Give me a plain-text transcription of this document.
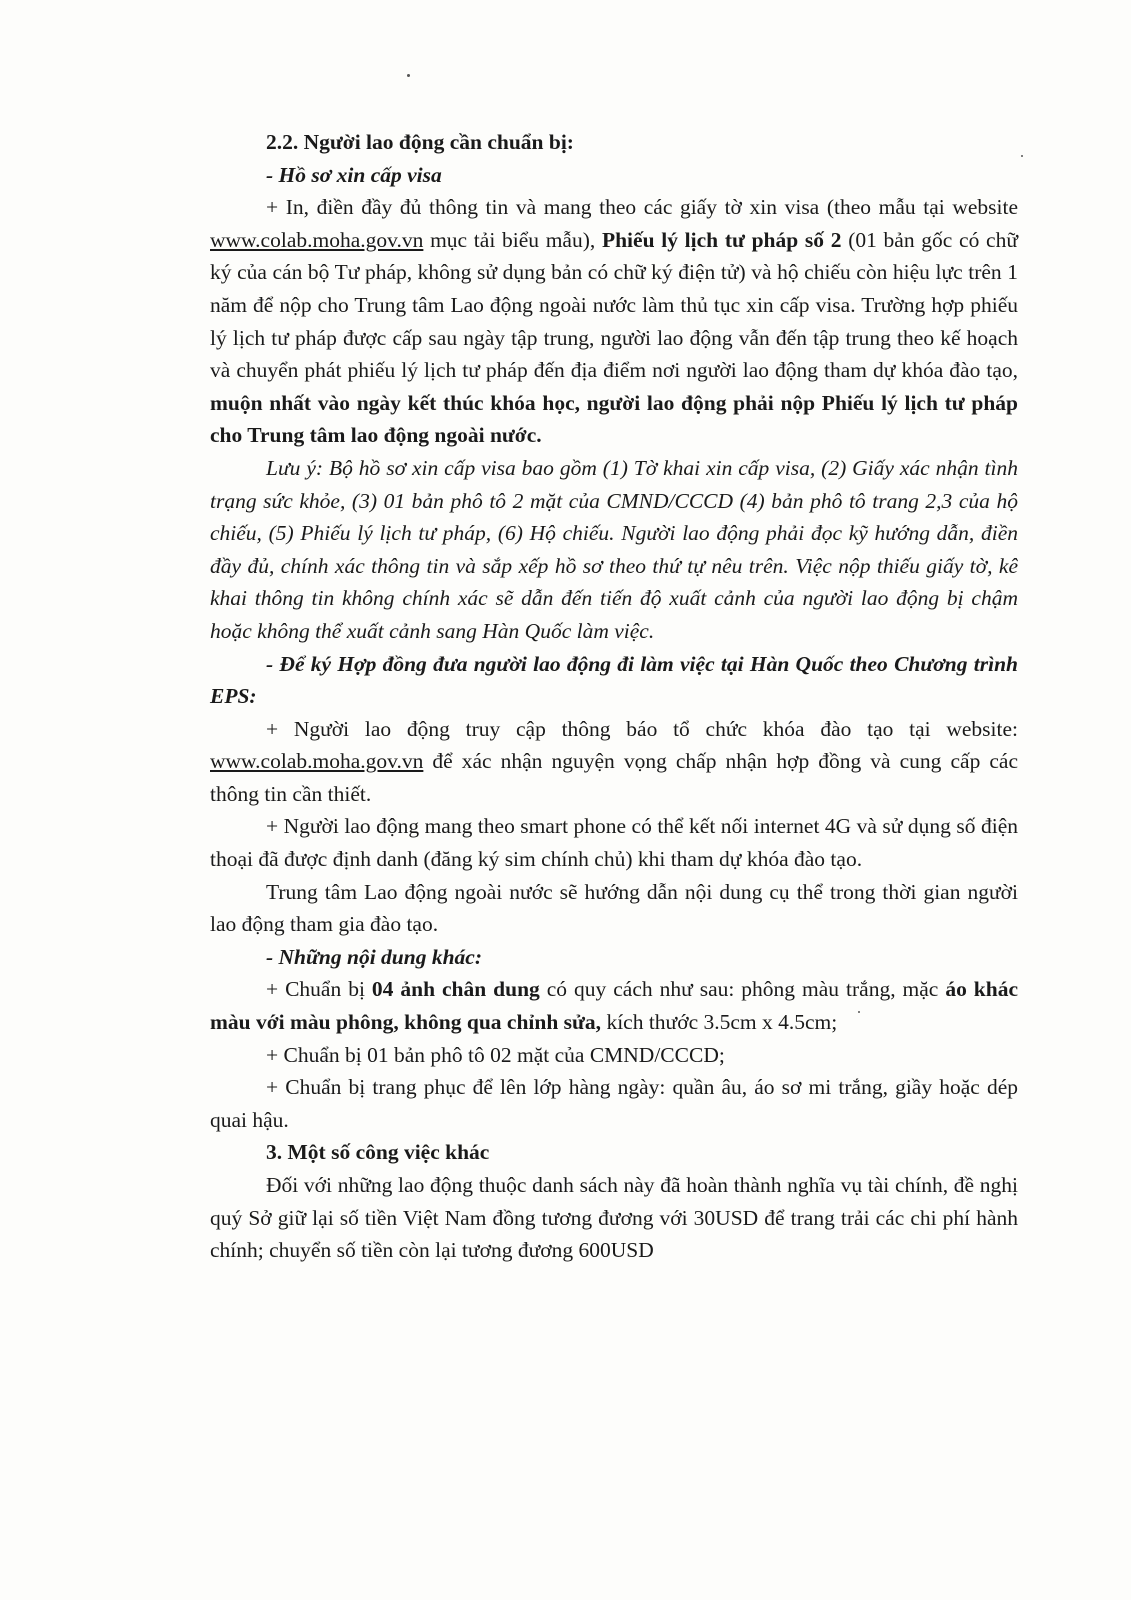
2.2. Người lao động cần chuẩn bị:

- Hồ sơ xin cấp visa

+ In, điền đầy đủ thông tin và mang theo các giấy tờ xin visa (theo mẫu tại website www.colab.moha.gov.vn mục tải biểu mẫu), Phiếu lý lịch tư pháp số 2 (01 bản gốc có chữ ký của cán bộ Tư pháp, không sử dụng bản có chữ ký điện tử) và hộ chiếu còn hiệu lực trên 1 năm để nộp cho Trung tâm Lao động ngoài nước làm thủ tục xin cấp visa. Trường hợp phiếu lý lịch tư pháp được cấp sau ngày tập trung, người lao động vẫn đến tập trung theo kế hoạch và chuyển phát phiếu lý lịch tư pháp đến địa điểm nơi người lao động tham dự khóa đào tạo, muộn nhất vào ngày kết thúc khóa học, người lao động phải nộp Phiếu lý lịch tư pháp cho Trung tâm lao động ngoài nước.

Lưu ý: Bộ hồ sơ xin cấp visa bao gồm (1) Tờ khai xin cấp visa, (2) Giấy xác nhận tình trạng sức khỏe, (3) 01 bản phô tô 2 mặt của CMND/CCCD (4) bản phô tô trang 2,3 của hộ chiếu, (5) Phiếu lý lịch tư pháp, (6) Hộ chiếu. Người lao động phải đọc kỹ hướng dẫn, điền đầy đủ, chính xác thông tin và sắp xếp hồ sơ theo thứ tự nêu trên. Việc nộp thiếu giấy tờ, kê khai thông tin không chính xác sẽ dẫn đến tiến độ xuất cảnh của người lao động bị chậm hoặc không thể xuất cảnh sang Hàn Quốc làm việc.

- Để ký Hợp đồng đưa người lao động đi làm việc tại Hàn Quốc theo Chương trình EPS:

+ Người lao động truy cập thông báo tổ chức khóa đào tạo tại website: www.colab.moha.gov.vn để xác nhận nguyện vọng chấp nhận hợp đồng và cung cấp các thông tin cần thiết.

+ Người lao động mang theo smart phone có thể kết nối internet 4G và sử dụng số điện thoại đã được định danh (đăng ký sim chính chủ) khi tham dự khóa đào tạo.

Trung tâm Lao động ngoài nước sẽ hướng dẫn nội dung cụ thể trong thời gian người lao động tham gia đào tạo.

- Những nội dung khác:

+ Chuẩn bị 04 ảnh chân dung có quy cách như sau: phông màu trắng, mặc áo khác màu với màu phông, không qua chỉnh sửa, kích thước 3.5cm x 4.5cm;

+ Chuẩn bị 01 bản phô tô 02 mặt của CMND/CCCD;

+ Chuẩn bị trang phục để lên lớp hàng ngày: quần âu, áo sơ mi trắng, giầy hoặc dép quai hậu.

3. Một số công việc khác

Đối với những lao động thuộc danh sách này đã hoàn thành nghĩa vụ tài chính, đề nghị quý Sở giữ lại số tiền Việt Nam đồng tương đương với 30USD để trang trải các chi phí hành chính; chuyển số tiền còn lại tương đương 600USD
